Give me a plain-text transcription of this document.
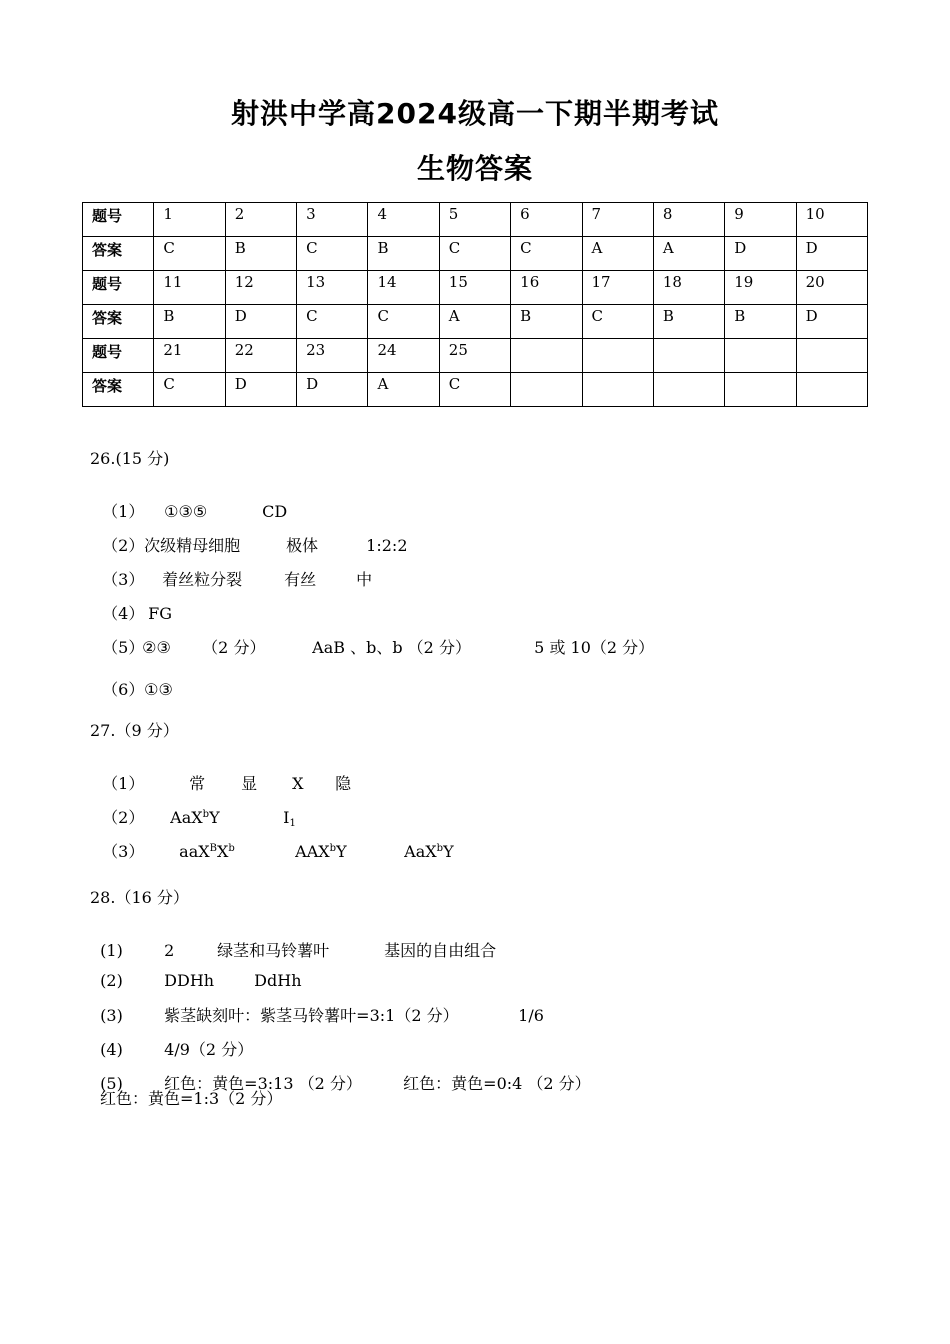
射洪中学高2024级高一下期半期考试
生物答案
题号	1	2	3	4	5	6	7	8	9	10
答案	C	B	C	B	C	C	A	A	D	D
题号	11	12	13	14	15	16	17	18	19	20
答案	B	D	C	C	A	B	C	B	B	D
题号	21	22	23	24	25					
答案	C	D	D	A	C					
26.(15 分)

（1） ①③⑤	CD

（2）次级精母细胞	极体	1:2:2

（3） 着丝粒分裂	有丝 中

（4） FG

（5）②③ （2 分）	AaB 、b、b （2 分）	5 或 10（2 分）

（6）①③

27.（9 分）

（1）	常 显 X 隐

（2） AaX$^b$Y	$I_1$

（3） $aaX^BX^b$	AAX$^b$Y	AaX$^b$Y

28.（16 分）

(1)	2	绿茎和马铃薯叶	基因的自由组合

(2)	DDHh	DdHh

(3)	紫茎缺刻叶：紫茎马铃薯叶=3:1（2 分）	1/6

(4)	4/9（2 分）

(5)	红色：黄色=3:13 （2 分）	红色：黄色=0:4 （2 分）

红色：黄色=1:3（2 分）
